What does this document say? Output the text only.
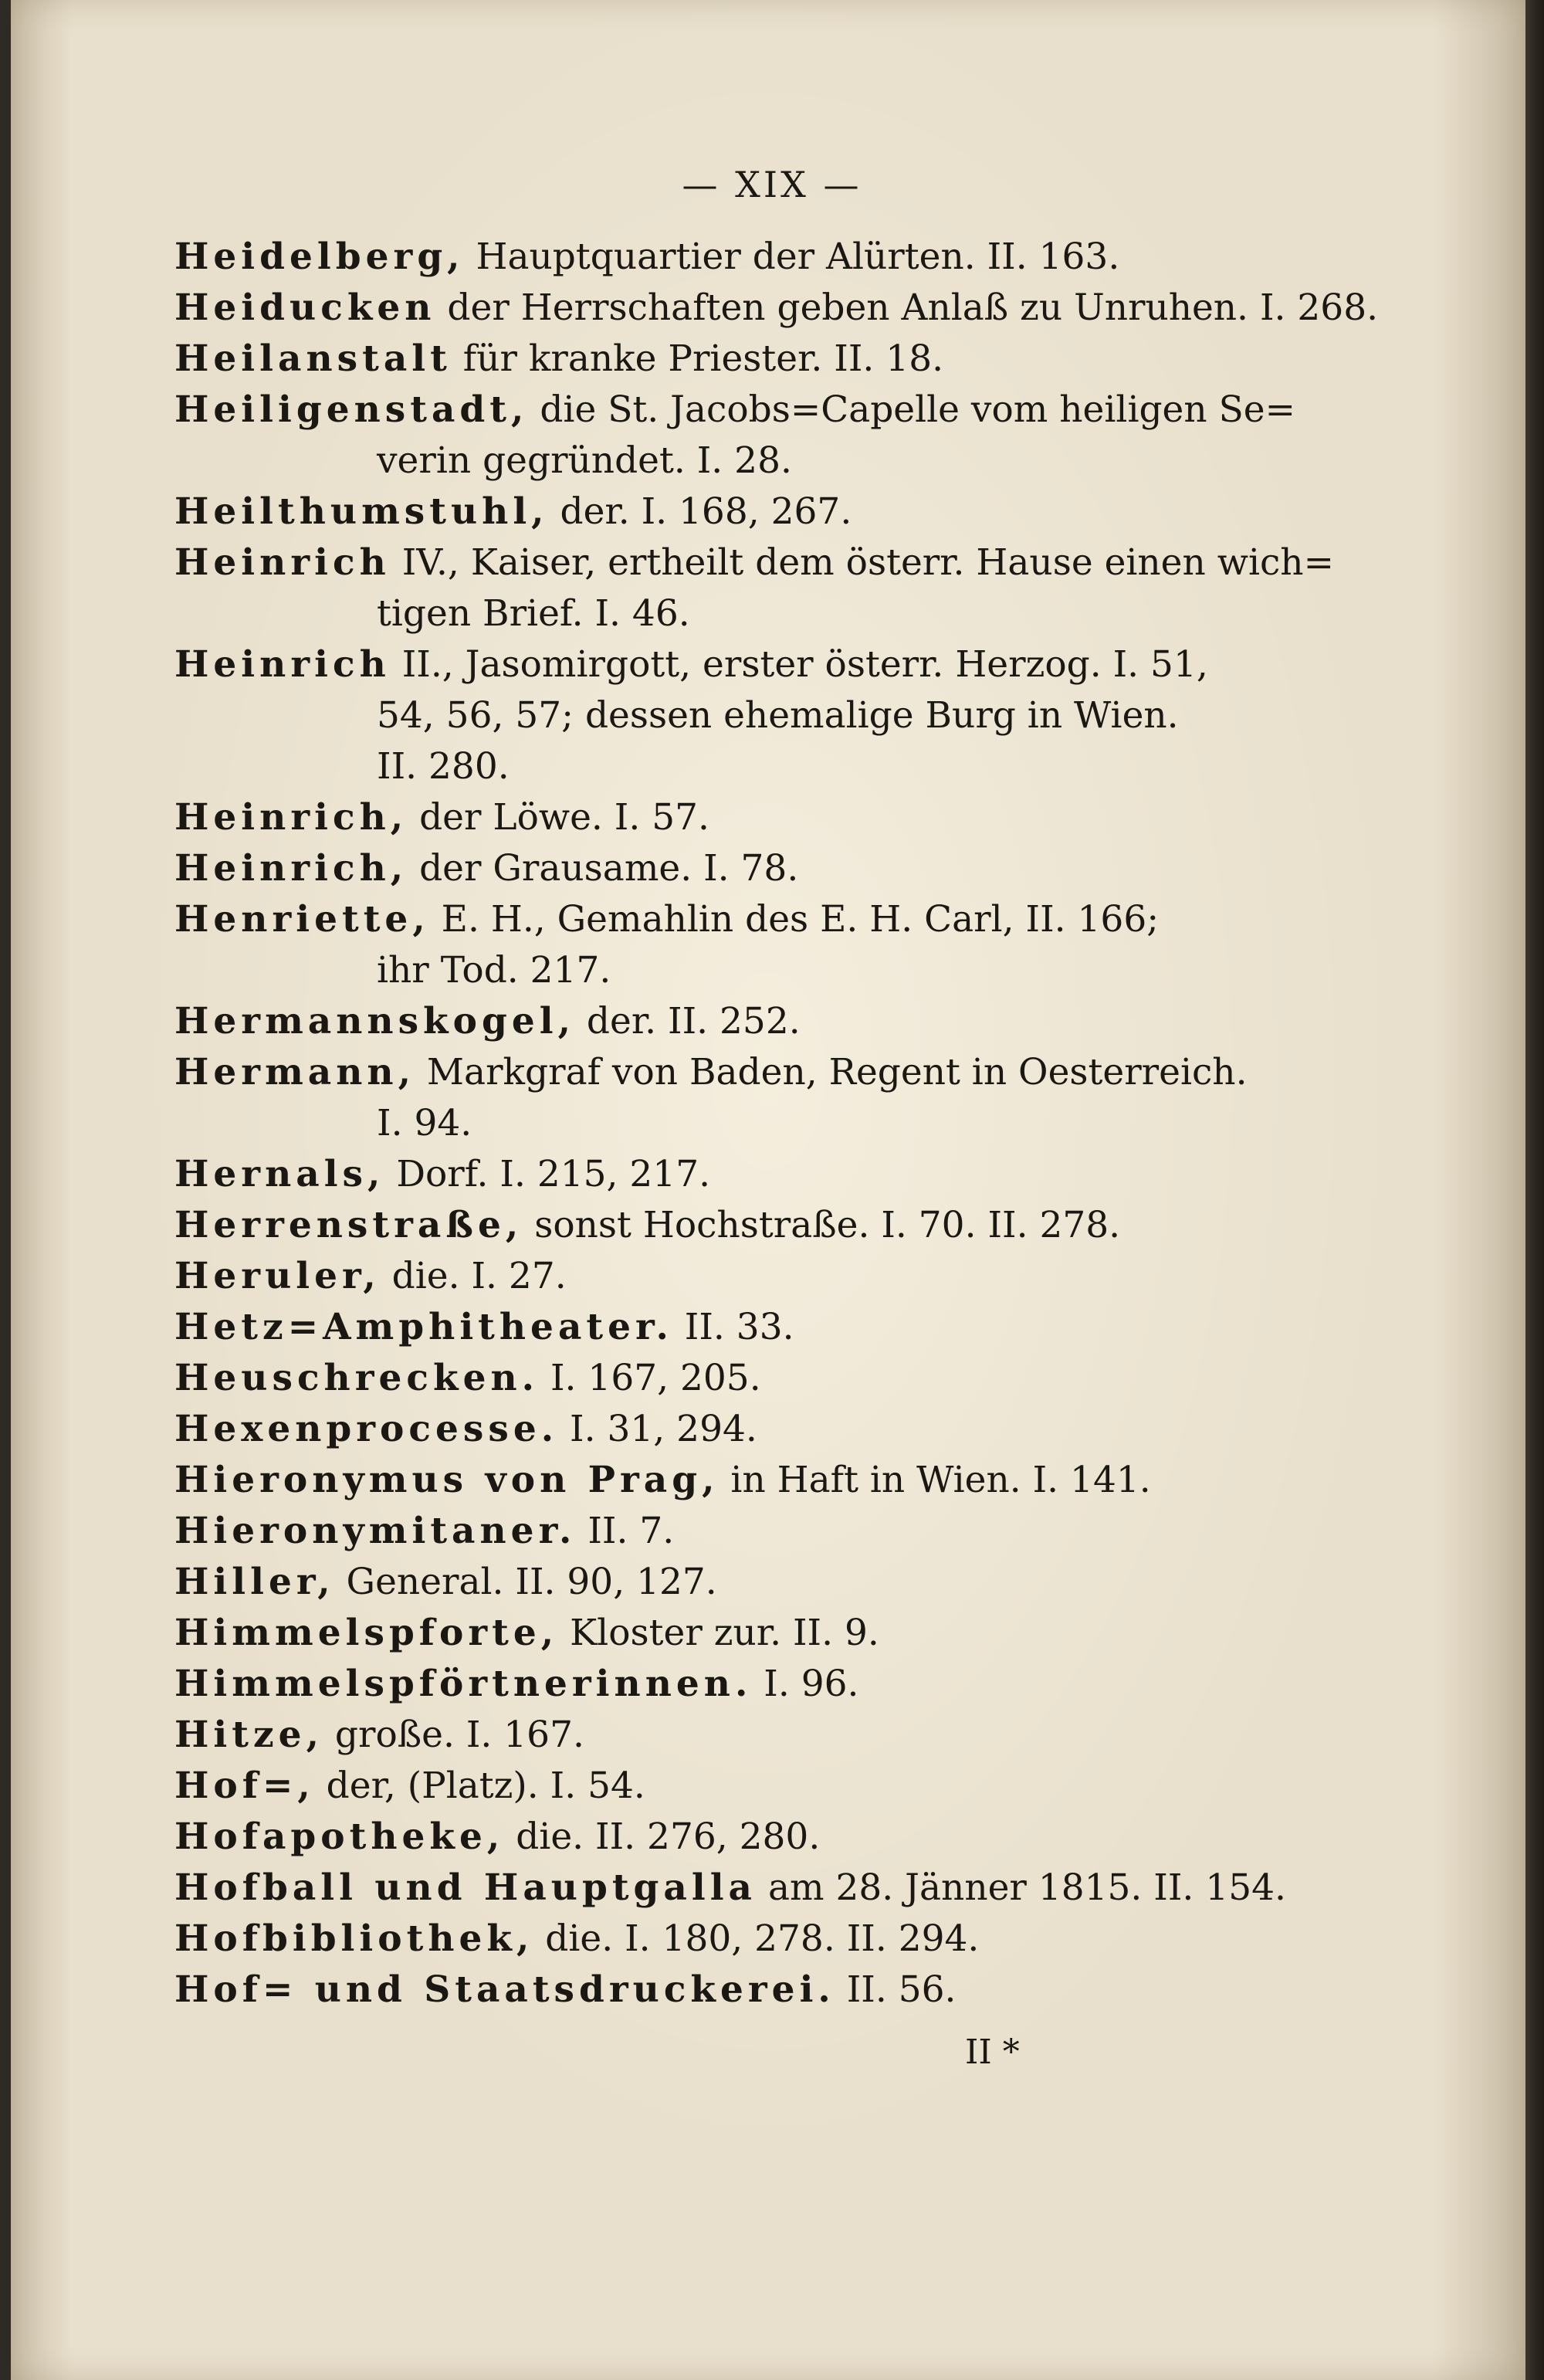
— XIX —
Heidelberg, Hauptquartier der Alürten. II. 163.
Heiducken der Herrschaften geben Anlaß zu Unruhen. I. 268.
Heilanstalt für kranke Priester. II. 18.
Heiligenstadt, die St. Jacobs=Capelle vom heiligen Se=
verin gegründet. I. 28.
Heilthumstuhl, der. I. 168, 267.
Heinrich IV., Kaiser, ertheilt dem österr. Hause einen wich=
tigen Brief. I. 46.
Heinrich II., Jasomirgott, erster österr. Herzog. I. 51,
54, 56, 57; dessen ehemalige Burg in Wien.
II. 280.
Heinrich, der Löwe. I. 57.
Heinrich, der Grausame. I. 78.
Henriette, E. H., Gemahlin des E. H. Carl, II. 166;
ihr Tod. 217.
Hermannskogel, der. II. 252.
Hermann, Markgraf von Baden, Regent in Oesterreich.
I. 94.
Hernals, Dorf. I. 215, 217.
Herrenstraße, sonst Hochstraße. I. 70. II. 278.
Heruler, die. I. 27.
Hetz=Amphitheater. II. 33.
Heuschrecken. I. 167, 205.
Hexenprocesse. I. 31, 294.
Hieronymus von Prag, in Haft in Wien. I. 141.
Hieronymitaner. II. 7.
Hiller, General. II. 90, 127.
Himmelspforte, Kloster zur. II. 9.
Himmelspförtnerinnen. I. 96.
Hitze, große. I. 167.
Hof=, der, (Platz). I. 54.
Hofapotheke, die. II. 276, 280.
Hofball und Hauptgalla am 28. Jänner 1815. II. 154.
Hofbibliothek, die. I. 180, 278. II. 294.
Hof= und Staatsdruckerei. II. 56.
II *
